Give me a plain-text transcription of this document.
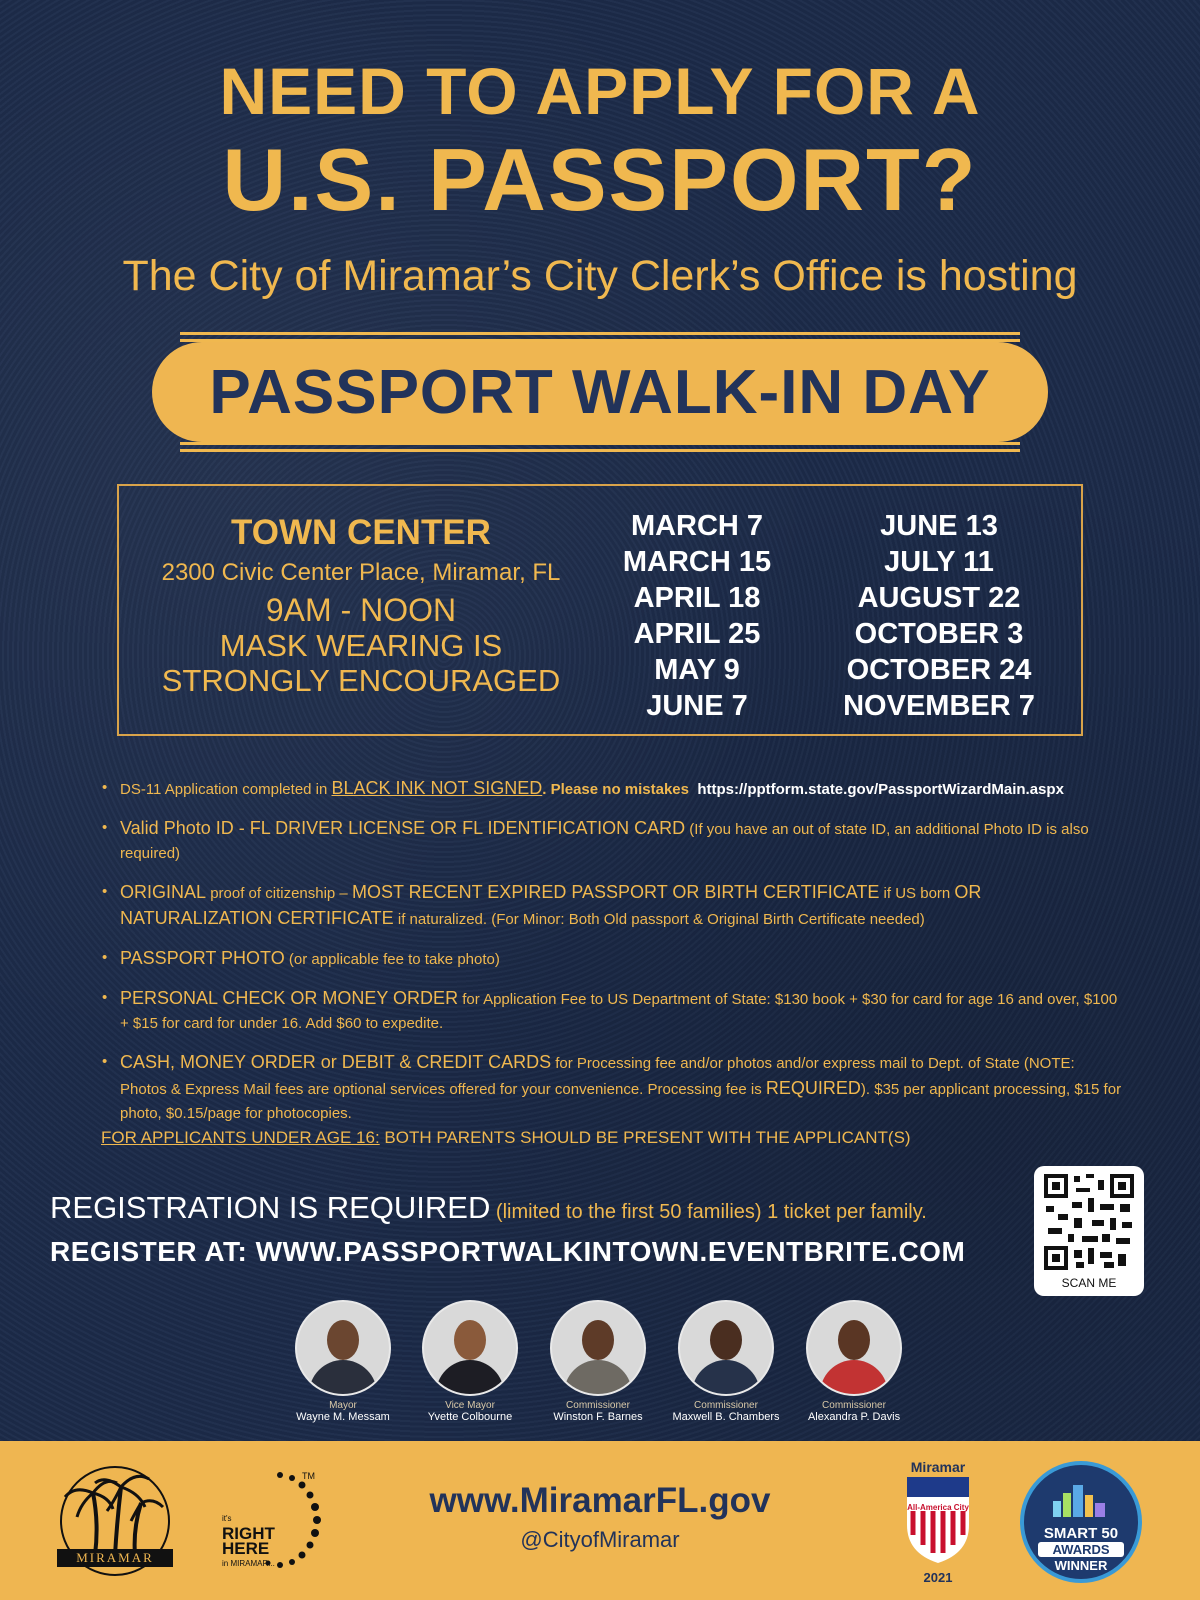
NEED TO APPLY FOR A
U.S. PASSPORT?
The City of Miramar’s City Clerk’s Office is hosting
PASSPORT WALK-IN DAY
TOWN CENTER
2300 Civic Center Place, Miramar, FL
9AM - NOON
MASK WEARING IS
STRONGLY ENCOURAGED
MARCH 7
MARCH 15
APRIL 18
APRIL 25
MAY 9
JUNE 7
JUNE 13
JULY 11
AUGUST 22
OCTOBER 3
OCTOBER 24
NOVEMBER 7
• DS-11 Application completed in BLACK INK NOT SIGNED. Please no mistakes https://pptform.state.gov/PassportWizardMain.aspx
• Valid Photo ID - FL DRIVER LICENSE OR FL IDENTIFICATION CARD (If you have an out of state ID, an additional Photo ID is also required)
• ORIGINAL proof of citizenship – MOST RECENT EXPIRED PASSPORT OR BIRTH CERTIFICATE if US born OR NATURALIZATION CERTIFICATE if naturalized. (For Minor: Both Old passport & Original Birth Certificate needed)
• PASSPORT PHOTO (or applicable fee to take photo)
• PERSONAL CHECK OR MONEY ORDER for Application Fee to US Department of State: $130 book + $30 for card for age 16 and over, $100 + $15 for card for under 16. Add $60 to expedite.
• CASH, MONEY ORDER or DEBIT & CREDIT CARDS for Processing fee and/or photos and/or express mail to Dept. of State (NOTE: Photos & Express Mail fees are optional services offered for your convenience. Processing fee is REQUIRED). $35 per applicant processing, $15 for photo, $0.15/page for photocopies.
FOR APPLICANTS UNDER AGE 16: BOTH PARENTS SHOULD BE PRESENT WITH THE APPLICANT(S)
REGISTRATION IS REQUIRED (limited to the first 50 families) 1 ticket per family.
REGISTER AT: WWW.PASSPORTWALKINTOWN.EVENTBRITE.COM
SCAN ME
Mayor
Wayne M. Messam
Vice Mayor
Yvette Colbourne
Commissioner
Winston F. Barnes
Commissioner
Maxwell B. Chambers
Commissioner
Alexandra P. Davis
MIRAMAR
TM
it's
RIGHT
HERE
in MIRAMAR...
www.MiramarFL.gov
@CityofMiramar
Miramar
All-America City
2021
SMART 50
AWARDS
WINNER
